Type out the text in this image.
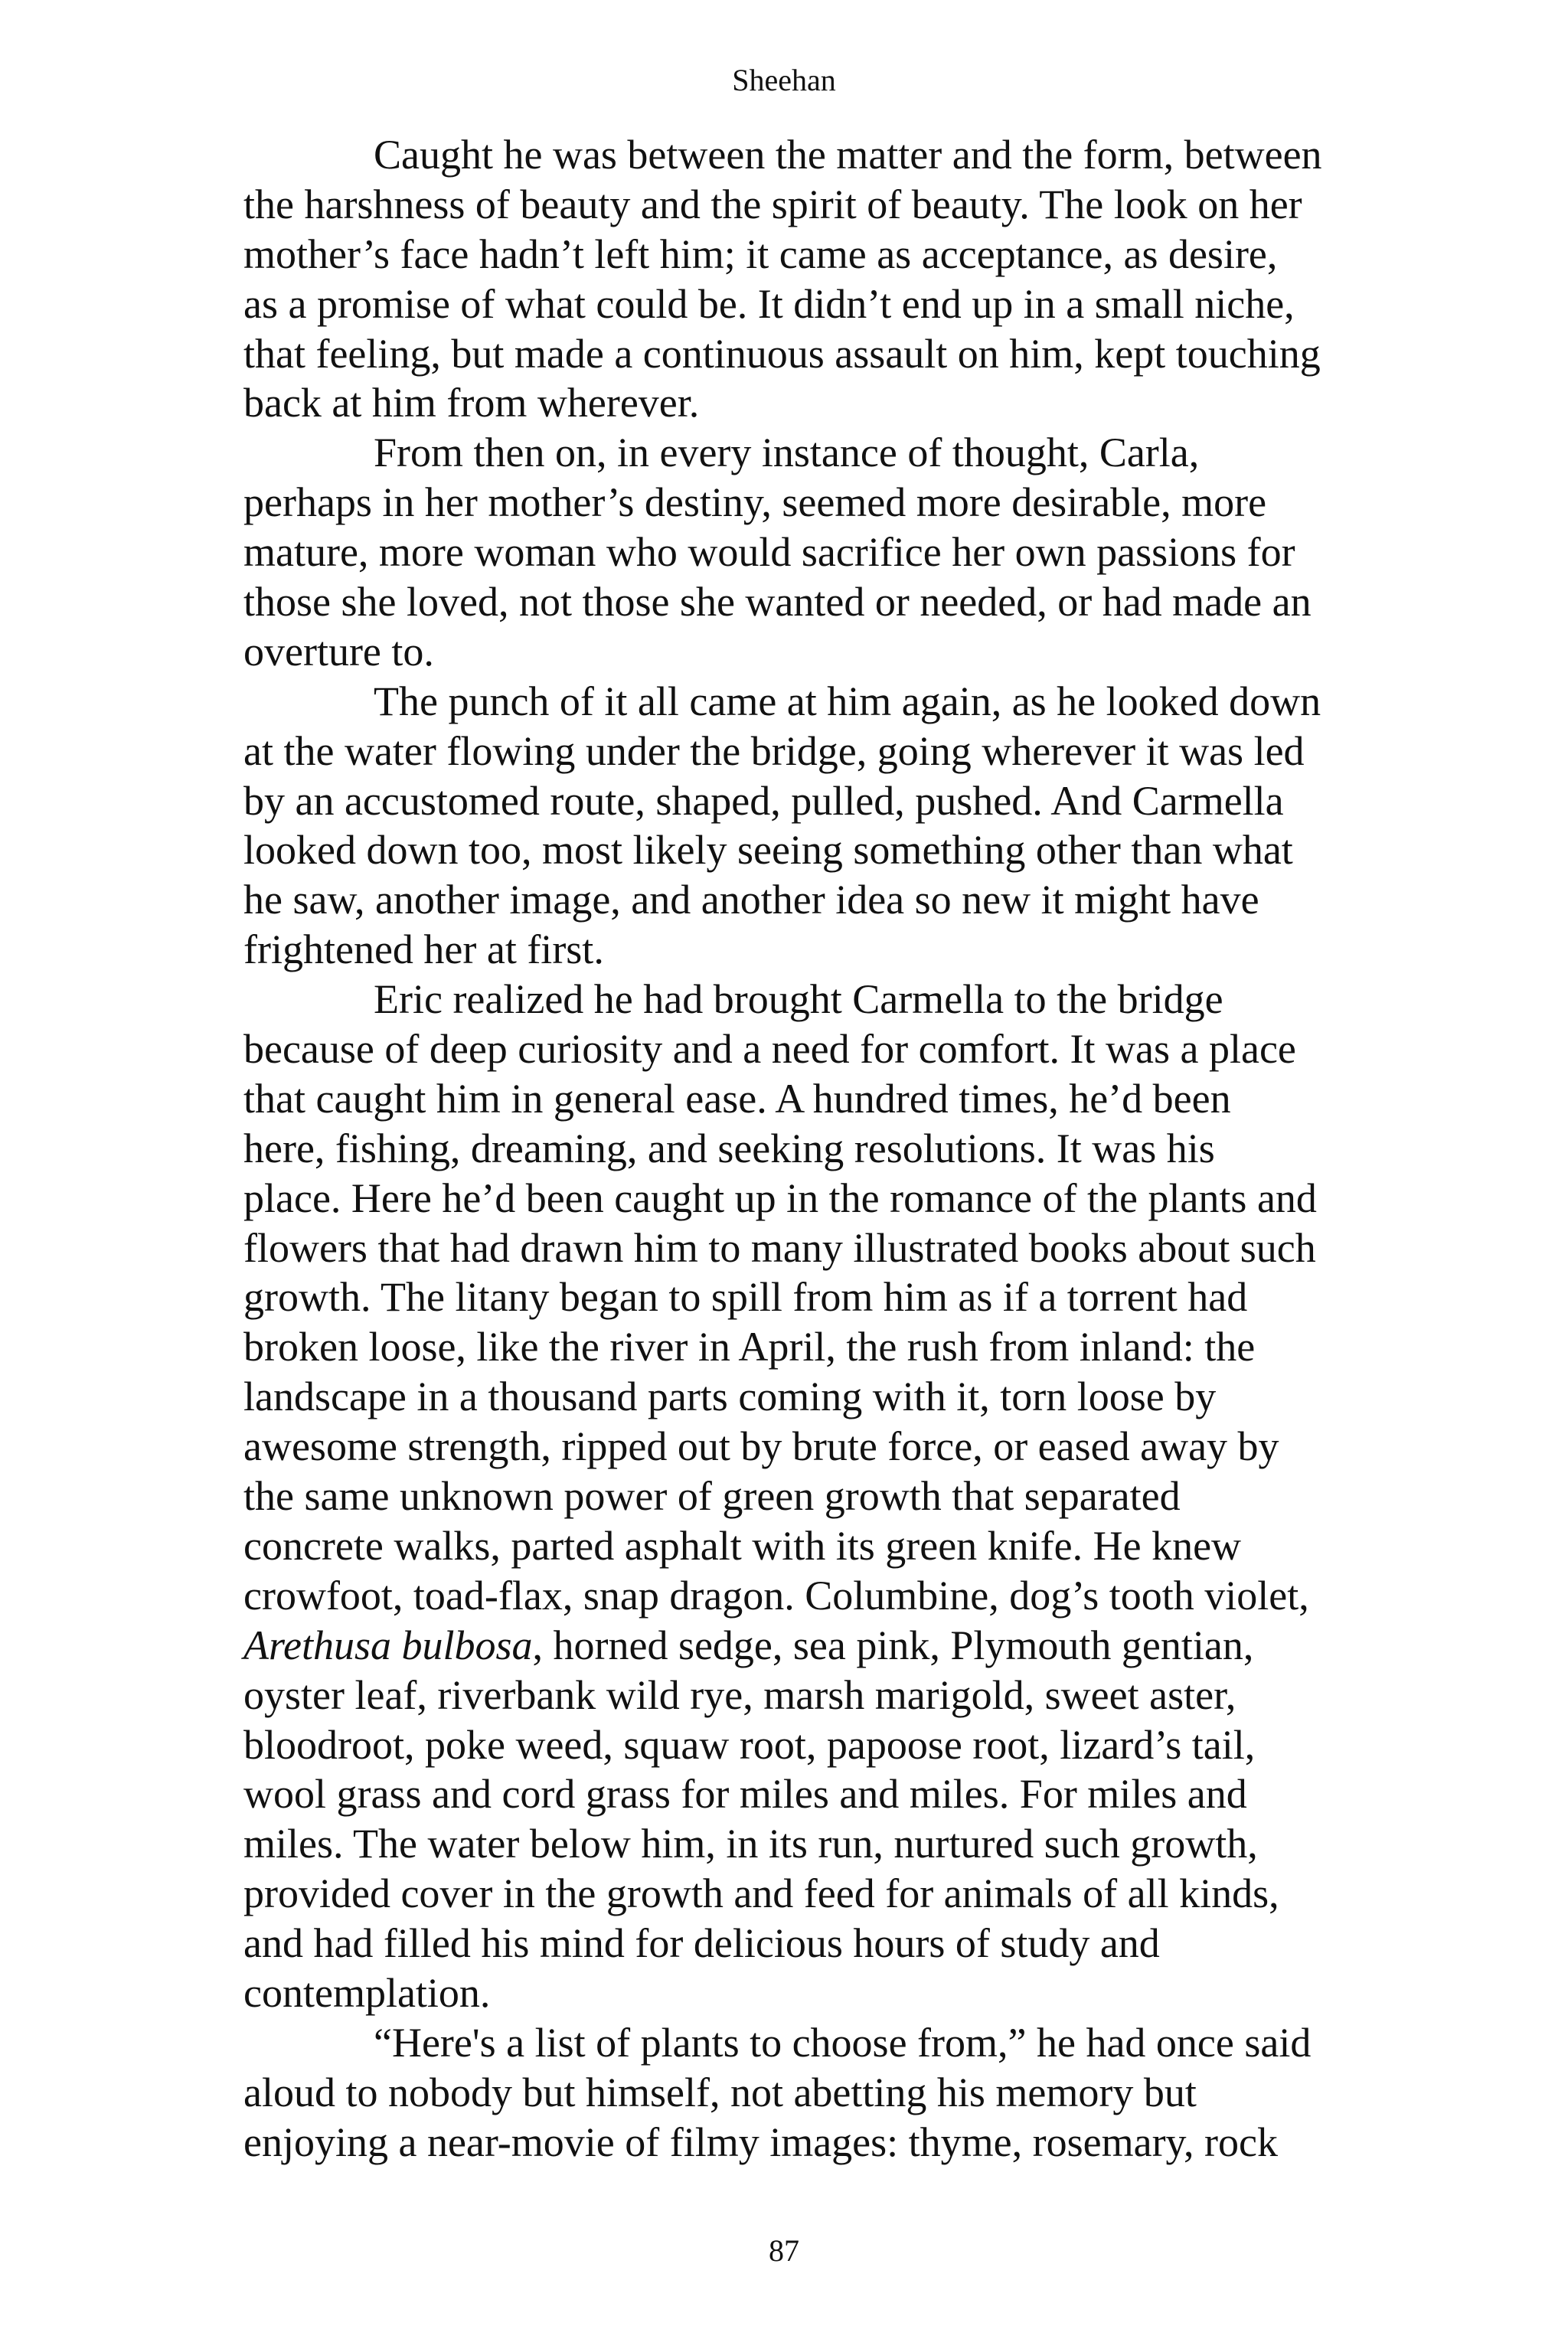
Sheehan
Caught he was between the matter and the form, between
the harshness of beauty and the spirit of beauty. The look on her
mother’s face hadn’t left him; it came as acceptance, as desire,
as a promise of what could be. It didn’t end up in a small niche,
that feeling, but made a continuous assault on him, kept touching
back at him from wherever.
From then on, in every instance of thought, Carla,
perhaps in her mother’s destiny, seemed more desirable, more
mature, more woman who would sacrifice her own passions for
those she loved, not those she wanted or needed, or had made an
overture to.
The punch of it all came at him again, as he looked down
at the water flowing under the bridge, going wherever it was led
by an accustomed route, shaped, pulled, pushed. And Carmella
looked down too, most likely seeing something other than what
he saw, another image, and another idea so new it might have
frightened her at first.
Eric realized he had brought Carmella to the bridge
because of deep curiosity and a need for comfort. It was a place
that caught him in general ease. A hundred times, he’d been
here, fishing, dreaming, and seeking resolutions. It was his
place. Here he’d been caught up in the romance of the plants and
flowers that had drawn him to many illustrated books about such
growth. The litany began to spill from him as if a torrent had
broken loose, like the river in April, the rush from inland: the
landscape in a thousand parts coming with it, torn loose by
awesome strength, ripped out by brute force, or eased away by
the same unknown power of green growth that separated
concrete walks, parted asphalt with its green knife. He knew
crowfoot, toad-flax, snap dragon. Columbine, dog’s tooth violet,
Arethusa bulbosa, horned sedge, sea pink, Plymouth gentian,
oyster leaf, riverbank wild rye, marsh marigold, sweet aster,
bloodroot, poke weed, squaw root, papoose root, lizard’s tail,
wool grass and cord grass for miles and miles. For miles and
miles. The water below him, in its run, nurtured such growth,
provided cover in the growth and feed for animals of all kinds,
and had filled his mind for delicious hours of study and
contemplation.
“Here's a list of plants to choose from,” he had once said
aloud to nobody but himself, not abetting his memory but
enjoying a near-movie of filmy images: thyme, rosemary, rock
87
